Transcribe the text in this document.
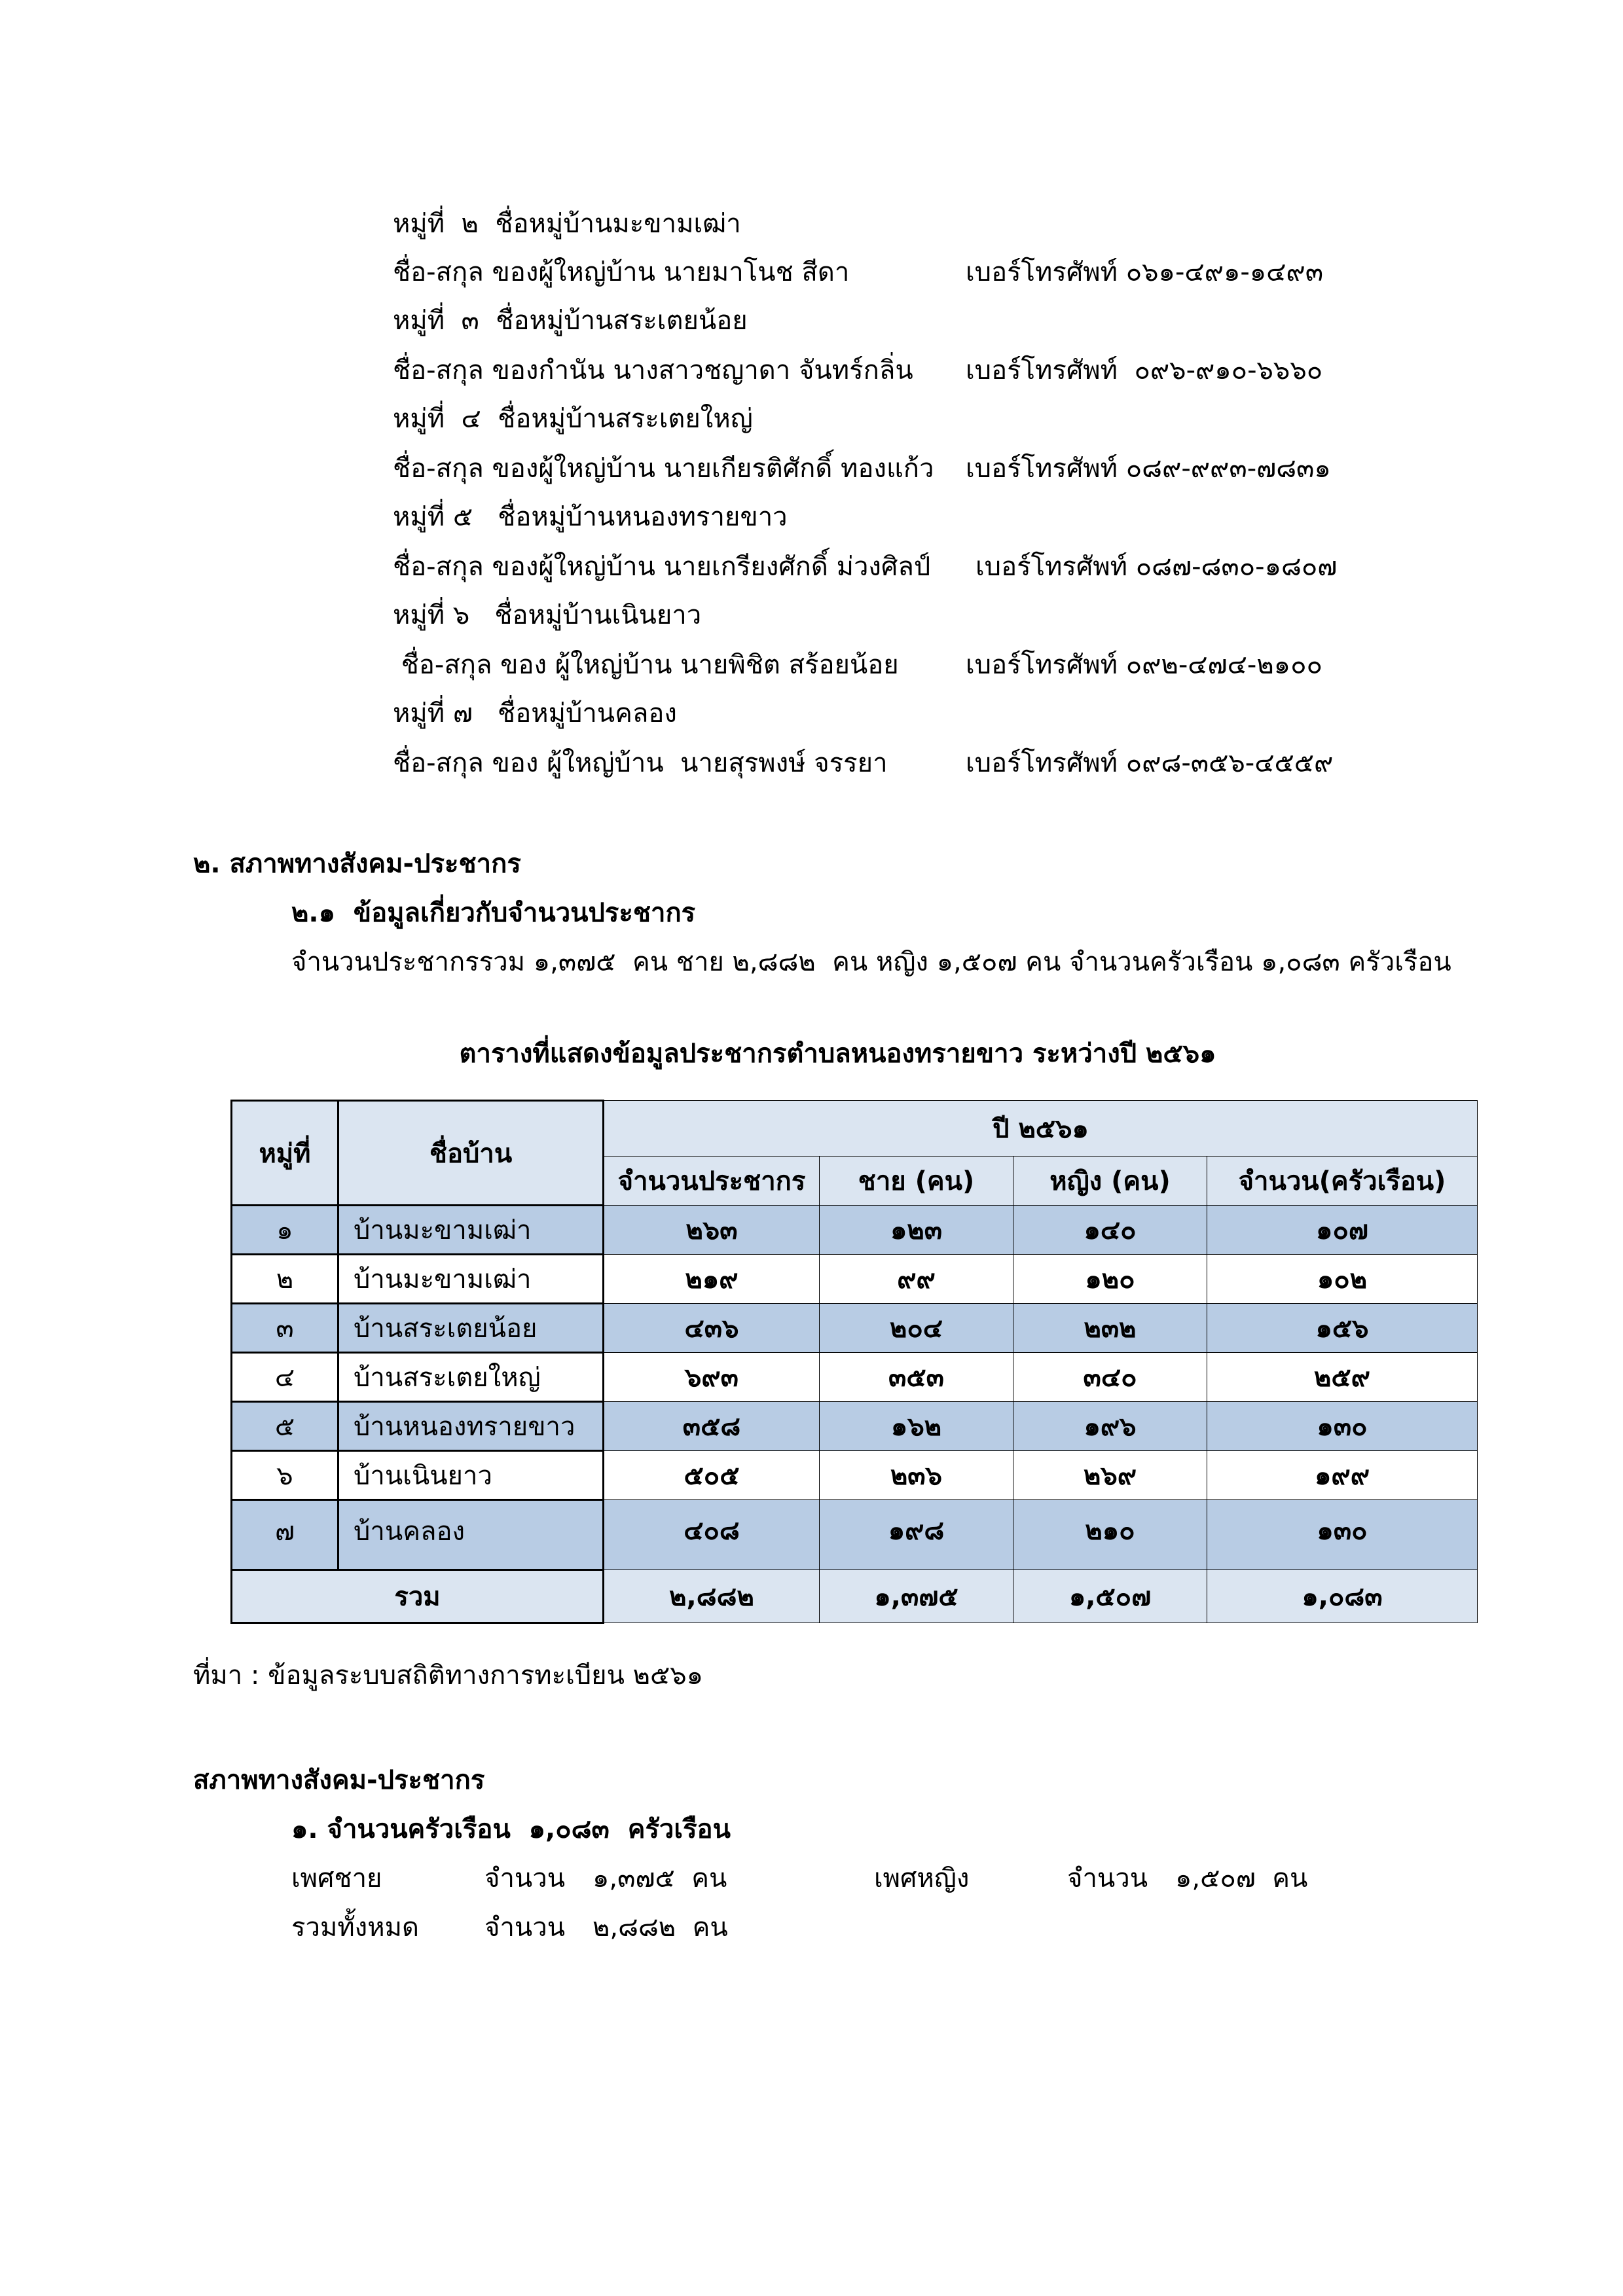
หมู่ที่  ๒  ชื่อหมู่บ้านมะขามเฒ่า
ชื่อ-สกุล ของผู้ใหญ่บ้าน นายมาโนช สีดา	เบอร์โทรศัพท์ ๐๖๑-๔๙๑-๑๔๙๓
หมู่ที่  ๓  ชื่อหมู่บ้านสระเตยน้อย
ชื่อ-สกุล ของกำนัน นางสาวชญาดา จันทร์กลิ่น เบอร์โทรศัพท์  ๐๙๖-๙๑๐-๖๖๖๐
หมู่ที่  ๔  ชื่อหมู่บ้านสระเตยใหญ่
ชื่อ-สกุล ของผู้ใหญ่บ้าน นายเกียรติศักดิ์ ทองแก้ว เบอร์โทรศัพท์ ๐๘๙-๙๙๓-๗๘๓๑
หมู่ที่ ๕   ชื่อหมู่บ้านหนองทรายขาว
ชื่อ-สกุล ของผู้ใหญ่บ้าน นายเกรียงศักดิ์ ม่วงศิลป์ เบอร์โทรศัพท์ ๐๘๗-๘๓๐-๑๘๐๗
หมู่ที่ ๖   ชื่อหมู่บ้านเนินยาว
ชื่อ-สกุล ของ ผู้ใหญ่บ้าน นายพิชิต สร้อยน้อย	เบอร์โทรศัพท์ ๐๙๒-๔๗๔-๒๑๐๐
หมู่ที่ ๗   ชื่อหมู่บ้านคลอง
ชื่อ-สกุล ของ ผู้ใหญ่บ้าน  นายสุรพงษ์ จรรยา	เบอร์โทรศัพท์ ๐๙๘-๓๕๖-๔๕๕๙
๒. สภาพทางสังคม-ประชากร
๒.๑  ข้อมูลเกี่ยวกับจำนวนประชากร
จำนวนประชากรรวม ๑,๓๗๕  คน ชาย ๒,๘๘๒  คน หญิง ๑,๕๐๗ คน จำนวนครัวเรือน ๑,๐๘๓ ครัวเรือน
ตารางที่แสดงข้อมูลประชากรตำบลหนองทรายขาว ระหว่างปี ๒๕๖๑
หมู่ที่	ชื่อบ้าน	ปี ๒๕๖๑			
		จำนวนประชากร	ชาย (คน)	หญิง (คน)	จำนวน(ครัวเรือน)
๑	บ้านมะขามเฒ่า	๒๖๓	๑๒๓	๑๔๐	๑๐๗
๒	บ้านมะขามเฒ่า	๒๑๙	๙๙	๑๒๐	๑๐๒
๓	บ้านสระเตยน้อย	๔๓๖	๒๐๔	๒๓๒	๑๕๖
๔	บ้านสระเตยใหญ่	๖๙๓	๓๕๓	๓๔๐	๒๕๙
๕	บ้านหนองทรายขาว	๓๕๘	๑๖๒	๑๙๖	๑๓๐
๖	บ้านเนินยาว	๕๐๕	๒๓๖	๒๖๙	๑๙๙
๗	บ้านคลอง	๔๐๘	๑๙๘	๒๑๐	๑๓๐
รวม		๒,๘๘๒	๑,๓๗๕	๑,๕๐๗	๑,๐๘๓
ที่มา : ข้อมูลระบบสถิติทางการทะเบียน ๒๕๖๑
สภาพทางสังคม-ประชากร
๑. จำนวนครัวเรือน  ๑,๐๘๓  ครัวเรือน
เพศชาย	จำนวน ๑,๓๗๕  คน	เพศหญิง	จำนวน ๑,๕๐๗  คน
รวมทั้งหมด	จำนวน ๒,๘๘๒  คน
